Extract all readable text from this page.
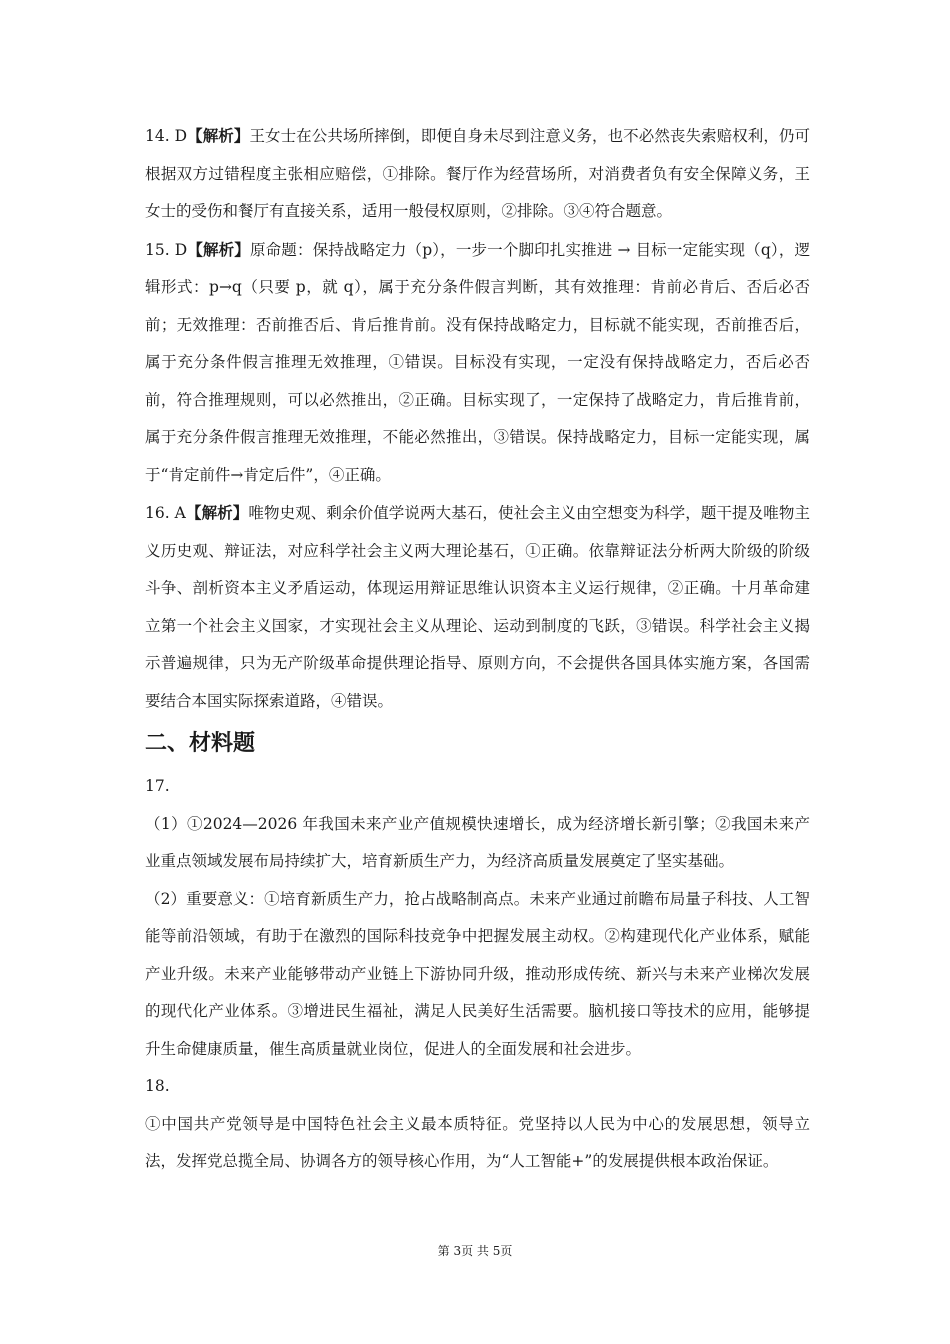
14. D【解析】王女士在公共场所摔倒，即便自身未尽到注意义务，也不必然丧失索赔权利，仍可根据双方过错程度主张相应赔偿，①排除。餐厅作为经营场所，对消费者负有安全保障义务，王女士的受伤和餐厅有直接关系，适用一般侵权原则，②排除。③④符合题意。

15. D【解析】原命题：保持战略定力（p），一步一个脚印扎实推进 → 目标一定能实现（q），逻辑形式：p→q（只要 p，就 q），属于充分条件假言判断，其有效推理：肯前必肯后、否后必否前；无效推理：否前推否后、肯后推肯前。没有保持战略定力，目标就不能实现，否前推否后，属于充分条件假言推理无效推理，①错误。目标没有实现，一定没有保持战略定力，否后必否前，符合推理规则，可以必然推出，②正确。目标实现了，一定保持了战略定力，肯后推肯前，属于充分条件假言推理无效推理，不能必然推出，③错误。保持战略定力，目标一定能实现，属于“肯定前件→肯定后件”，④正确。

16. A【解析】唯物史观、剩余价值学说两大基石，使社会主义由空想变为科学，题干提及唯物主义历史观、辩证法，对应科学社会主义两大理论基石，①正确。依靠辩证法分析两大阶级的阶级斗争、剖析资本主义矛盾运动，体现运用辩证思维认识资本主义运行规律，②正确。十月革命建立第一个社会主义国家，才实现社会主义从理论、运动到制度的飞跃，③错误。科学社会主义揭示普遍规律，只为无产阶级革命提供理论指导、原则方向，不会提供各国具体实施方案，各国需要结合本国实际探索道路，④错误。

二、材料题

17.

（1）①2024—2026 年我国未来产业产值规模快速增长，成为经济增长新引擎；②我国未来产业重点领域发展布局持续扩大，培育新质生产力，为经济高质量发展奠定了坚实基础。

（2）重要意义：①培育新质生产力，抢占战略制高点。未来产业通过前瞻布局量子科技、人工智能等前沿领域，有助于在激烈的国际科技竞争中把握发展主动权。②构建现代化产业体系，赋能产业升级。未来产业能够带动产业链上下游协同升级，推动形成传统、新兴与未来产业梯次发展的现代化产业体系。③增进民生福祉，满足人民美好生活需要。脑机接口等技术的应用，能够提升生命健康质量，催生高质量就业岗位，促进人的全面发展和社会进步。

18.

①中国共产党领导是中国特色社会主义最本质特征。党坚持以人民为中心的发展思想，领导立法，发挥党总揽全局、协调各方的领导核心作用，为“人工智能+”的发展提供根本政治保证。

第 3页 共 5页
